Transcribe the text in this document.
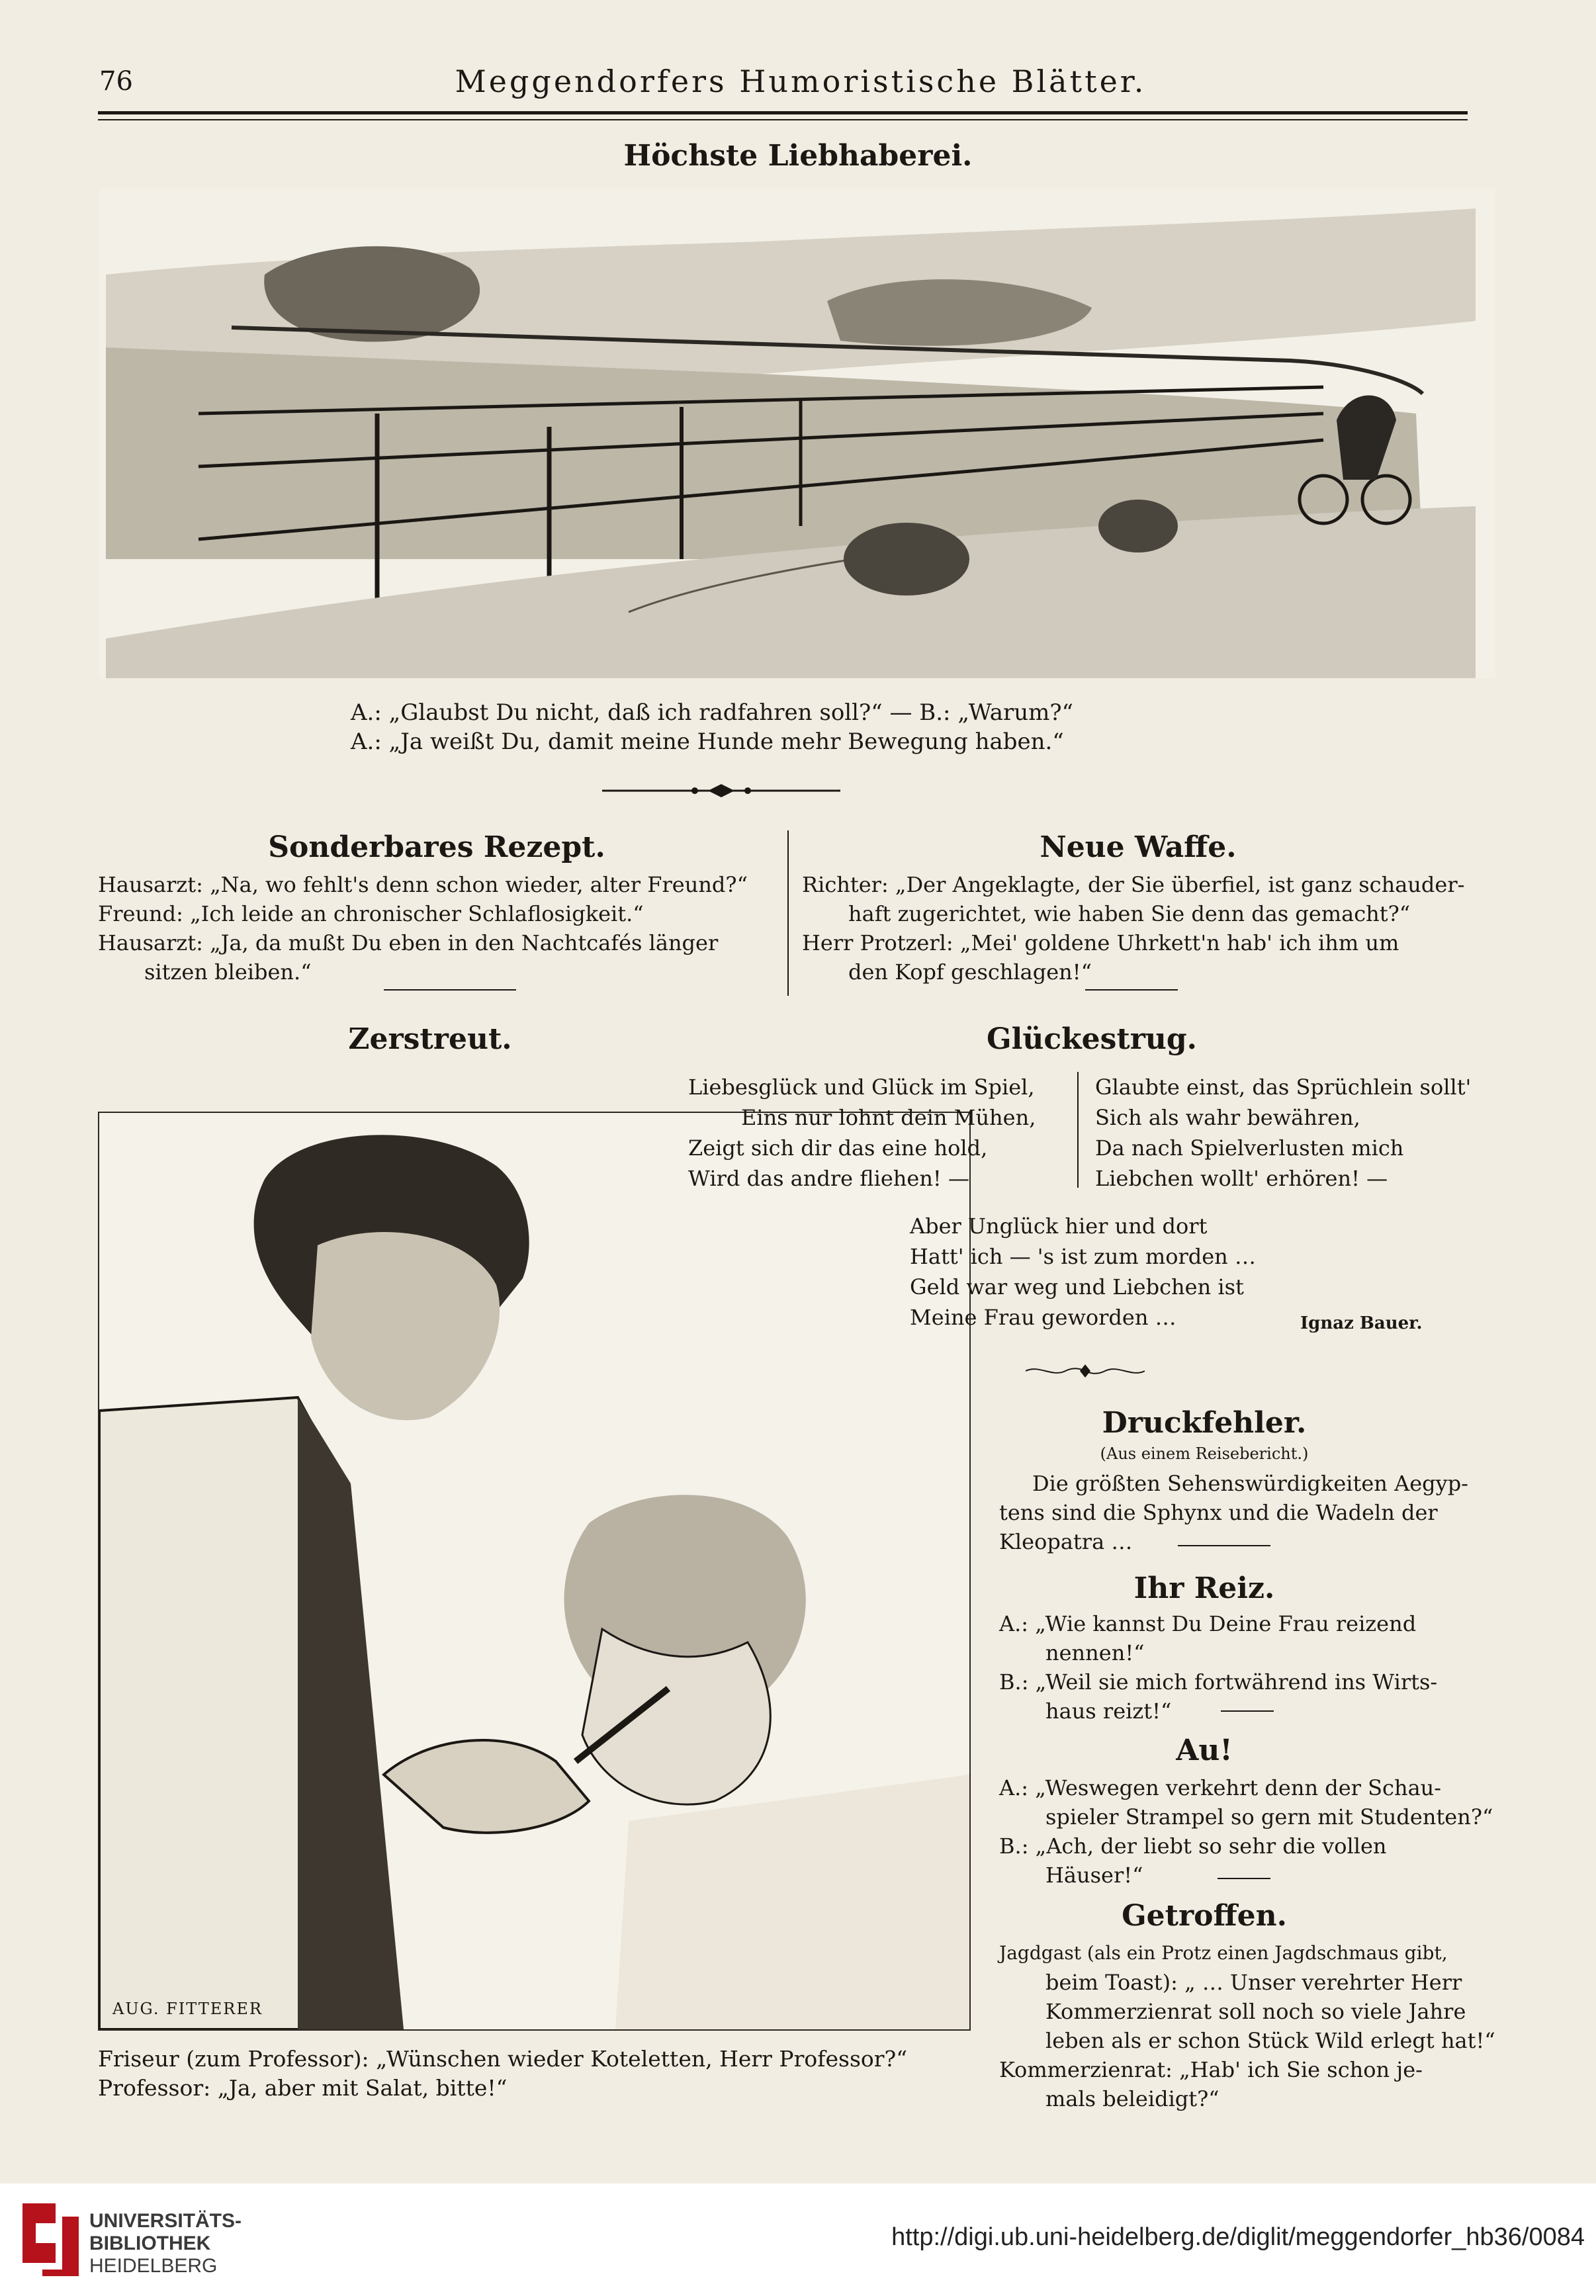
76	Meggendorfers Humoristische Blätter.
Höchste Liebhaberei.
A.: „Glaubst Du nicht, daß ich radfahren soll?“ — B.: „Warum?“
A.: „Ja weißt Du, damit meine Hunde mehr Bewegung haben.“
Sonderbares Rezept.
Hausarzt: „Na, wo fehlt's denn schon wieder, alter Freund?“
Freund: „Ich leide an chronischer Schlaflosigkeit.“
Hausarzt: „Ja, da mußt Du eben in den Nachtcafés länger
sitzen bleiben.“
Neue Waffe.
Richter: „Der Angeklagte, der Sie überfiel, ist ganz schauder-
haft zugerichtet, wie haben Sie denn das gemacht?“
Herr Protzerl: „Mei' goldene Uhrkett'n hab' ich ihm um
den Kopf geschlagen!“
Zerstreut.
AUG. FITTERER
Friseur (zum Professor): „Wünschen wieder Koteletten, Herr Professor?“
Professor: „Ja, aber mit Salat, bitte!“
Glückestrug.
Liebesglück und Glück im Spiel,
Eins nur lohnt dein Mühen,
Zeigt sich dir das eine hold,
Wird das andre fliehen! —
Glaubte einst, das Sprüchlein sollt'
Sich als wahr bewähren,
Da nach Spielverlusten mich
Liebchen wollt' erhören! —
Aber Unglück hier und dort
Hatt' ich — 's ist zum morden …
Geld war weg und Liebchen ist
Meine Frau geworden …	Ignaz Bauer.
Druckfehler.
(Aus einem Reisebericht.)
Die größten Sehenswürdigkeiten Aegyp-
tens sind die Sphynx und die Wadeln der
Kleopatra …
Ihr Reiz.
A.: „Wie kannst Du Deine Frau reizend
nennen!“
B.: „Weil sie mich fortwährend ins Wirts-
haus reizt!“
Au!
A.: „Weswegen verkehrt denn der Schau-
spieler Strampel so gern mit Studenten?“
B.: „Ach, der liebt so sehr die vollen
Häuser!“
Getroffen.
Jagdgast (als ein Protz einen Jagdschmaus gibt,
beim Toast): „ … Unser verehrter Herr
Kommerzienrat soll noch so viele Jahre
leben als er schon Stück Wild erlegt hat!“
Kommerzienrat: „Hab' ich Sie schon je-
mals beleidigt?“
UNIVERSITÄTS-
BIBLIOTHEK
HEIDELBERG
http://digi.ub.uni-heidelberg.de/diglit/meggendorfer_hb36/0084
